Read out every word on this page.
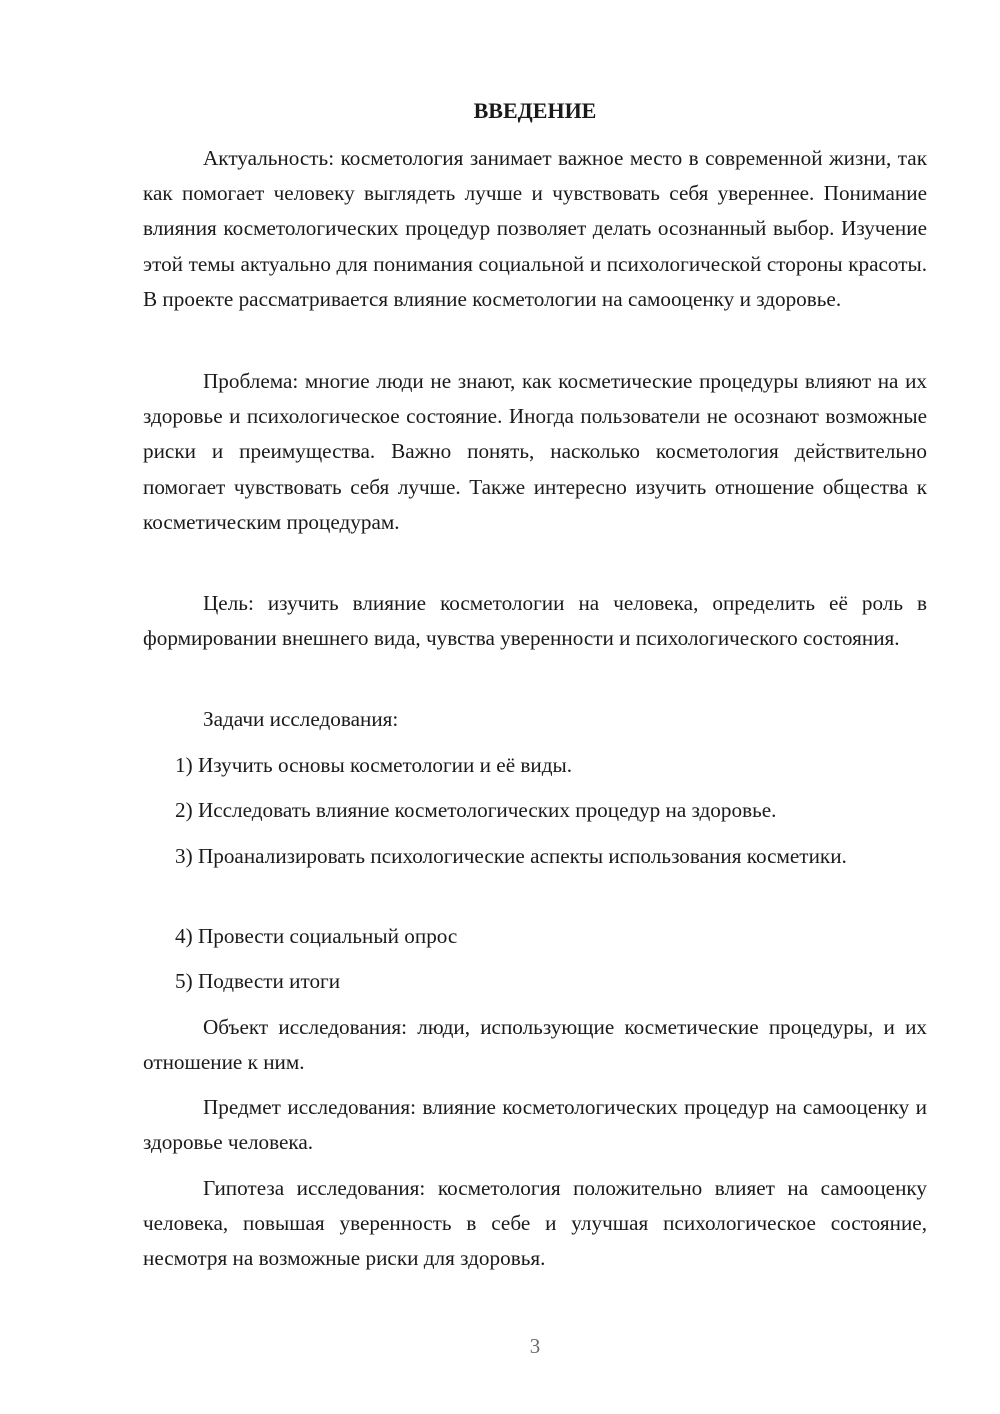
ВВЕДЕНИЕ

Актуальность: косметология занимает важное место в современной жизни, так как помогает человеку выглядеть лучше и чувствовать себя увереннее. Понимание влияния косметологических процедур позволяет делать осознанный выбор. Изучение этой темы актуально для понимания социальной и психологической стороны красоты. В проекте рассматривается влияние косметологии на самооценку и здоровье.

Проблема: многие люди не знают, как косметические процедуры влияют на их здоровье и психологическое состояние. Иногда пользователи не осознают возможные риски и преимущества. Важно понять, насколько косметология действительно помогает чувствовать себя лучше. Также интересно изучить отношение общества к косметическим процедурам.

Цель: изучить влияние косметологии на человека, определить её роль в формировании внешнего вида, чувства уверенности и психологического состояния.

Задачи исследования:

1) Изучить основы косметологии и её виды.

2) Исследовать влияние косметологических процедур на здоровье.

3) Проанализировать психологические аспекты использования косметики.

4) Провести социальный опрос

5) Подвести итоги

Объект исследования: люди, использующие косметические процедуры, и их отношение к ним.

Предмет исследования: влияние косметологических процедур на самооценку и здоровье человека.

Гипотеза исследования: косметология положительно влияет на самооценку человека, повышая уверенность в себе и улучшая психологическое состояние, несмотря на возможные риски для здоровья.

3
